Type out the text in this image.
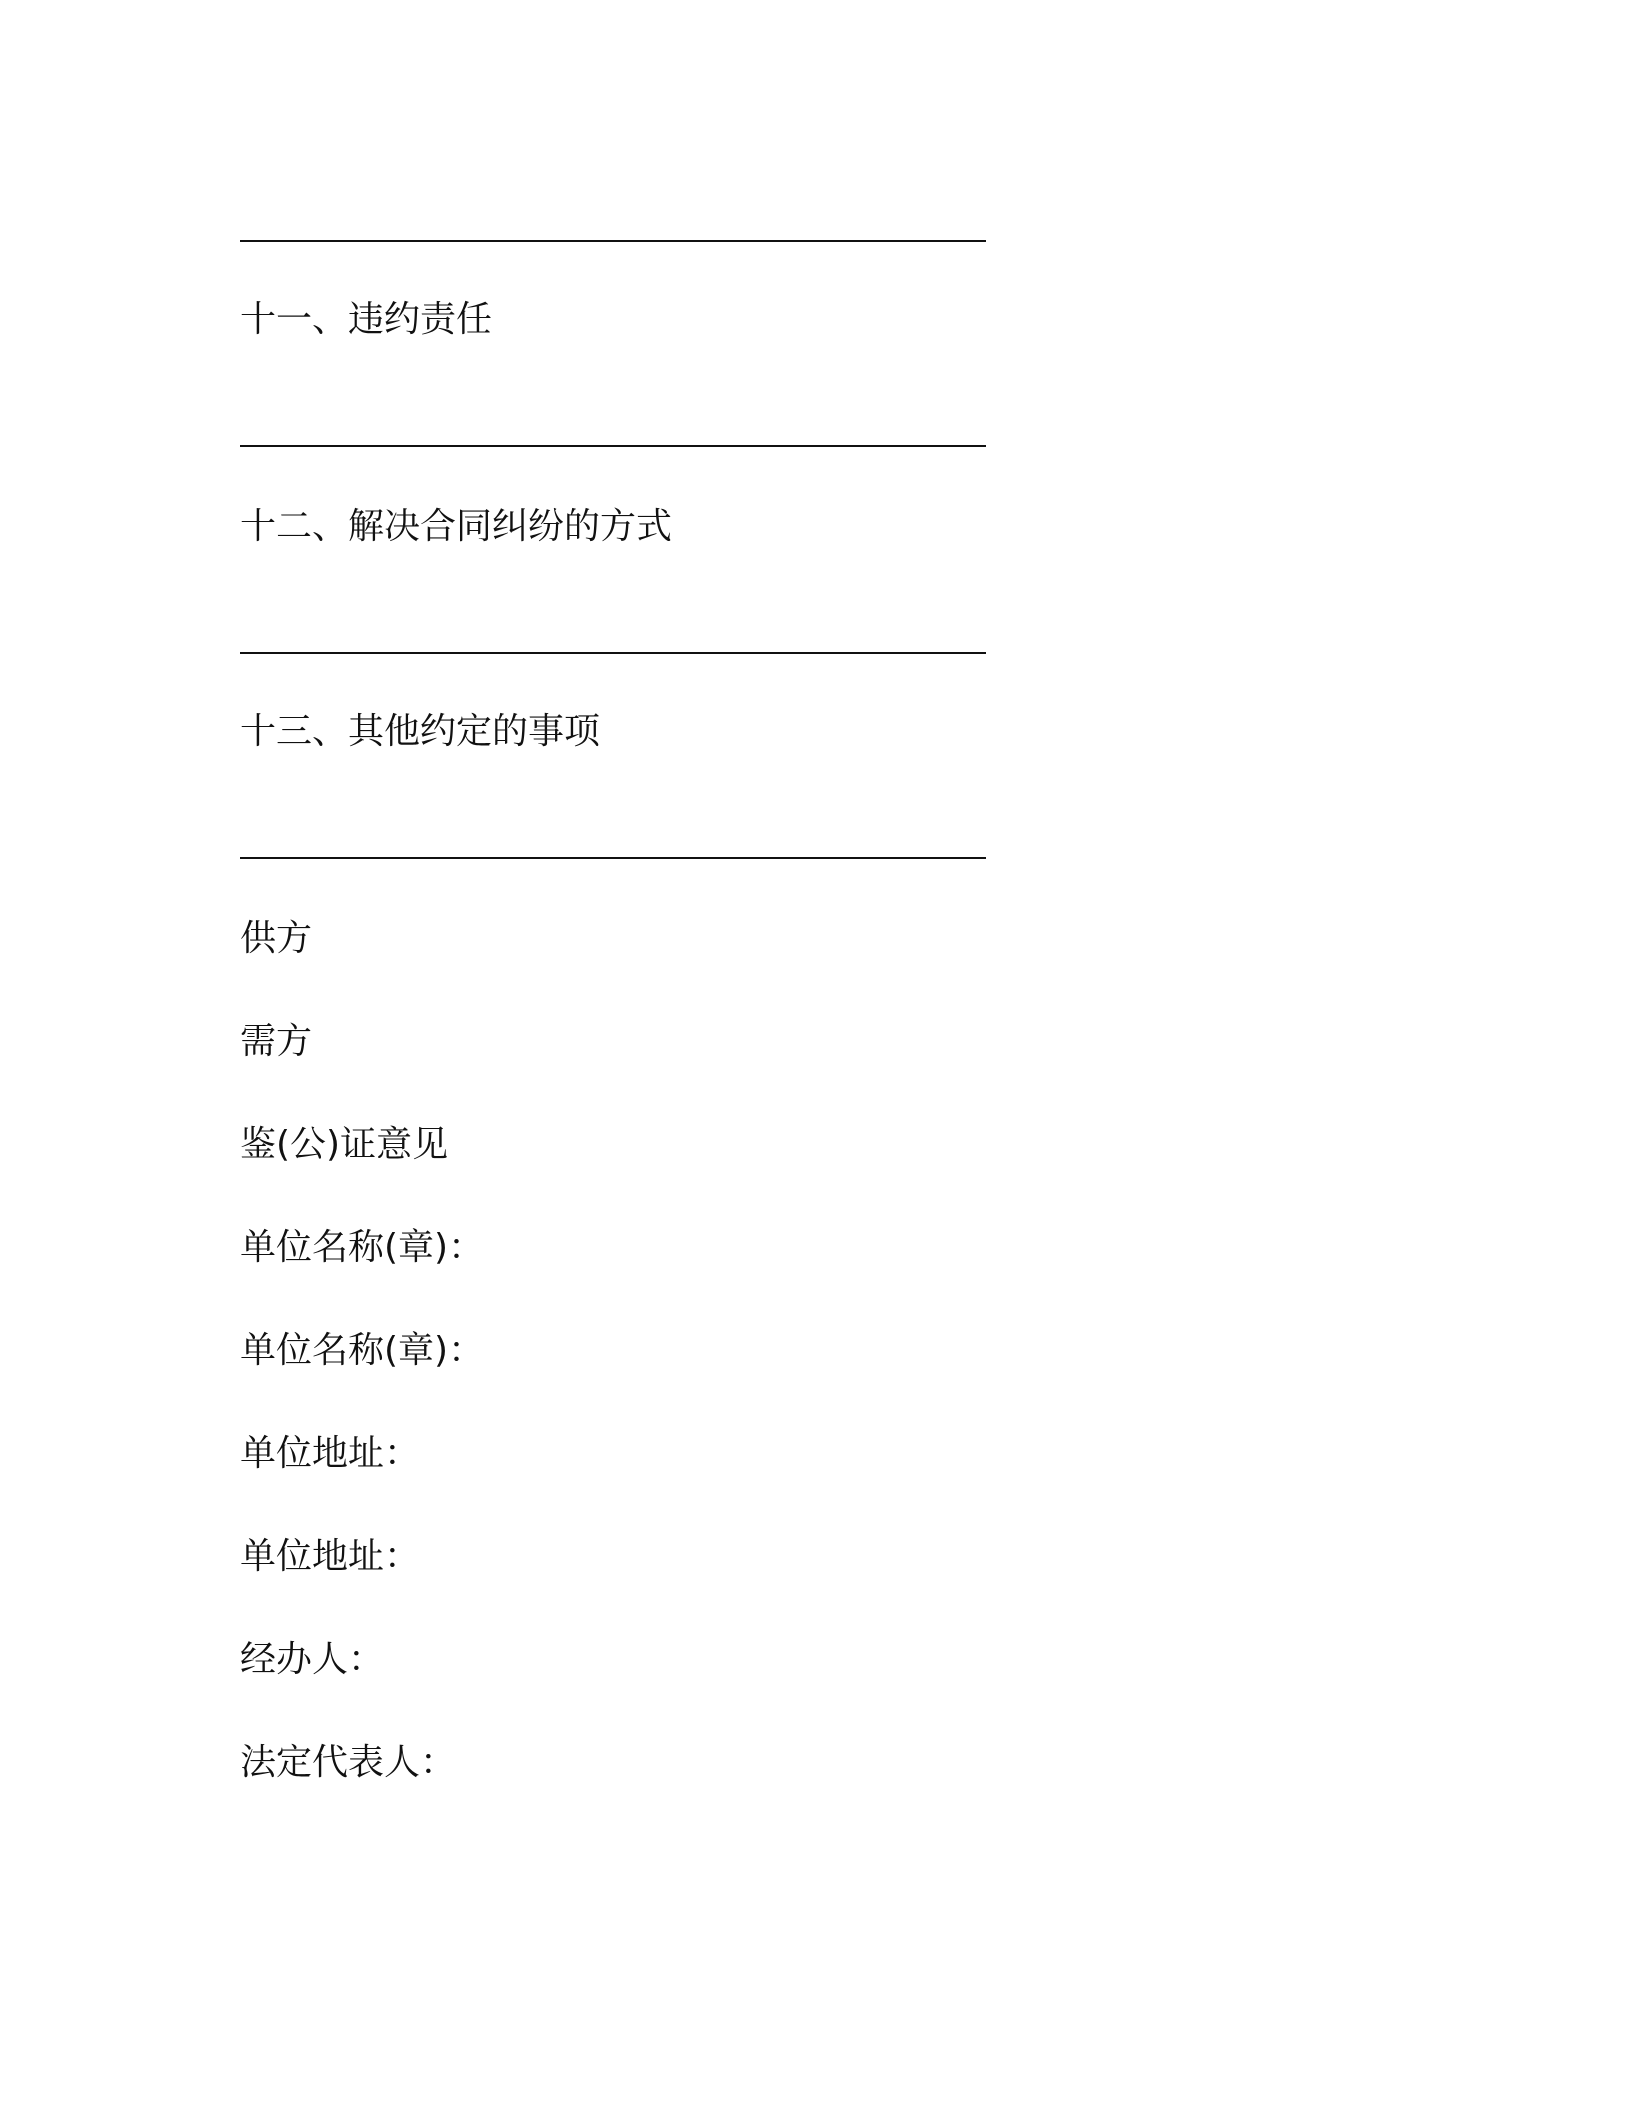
十一、违约责任
十二、解决合同纠纷的方式
十三、其他约定的事项
供方
需方
鉴(公)证意见
单位名称(章)：
单位名称(章)：
单位地址：
单位地址：
经办人：
法定代表人：
